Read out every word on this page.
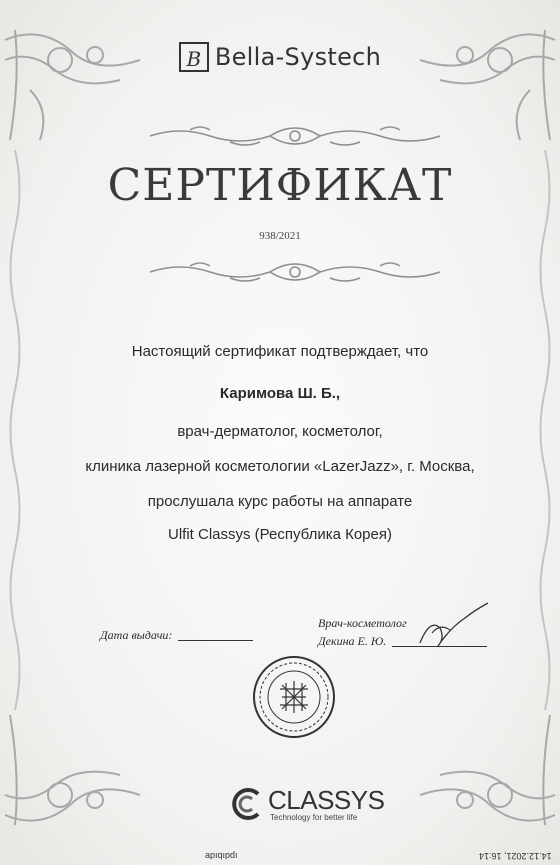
B Bella-Systech
СЕРТИФИКАТ
938/2021
Настоящий сертификат подтверждает, что
Каримова Ш. Б.,
врач-дерматолог, косметолог,
клиника лазерной косметологии «LazerJazz», г. Москва,
прослушала курс работы на аппарате
Ulfit Classys (Республика Корея)
Дата выдачи:
Врач-косметолог
Декина Е. Ю.
CLASSYS
Technology for better life
ıpdıbıdɐ	14.12.2021, 16:14
